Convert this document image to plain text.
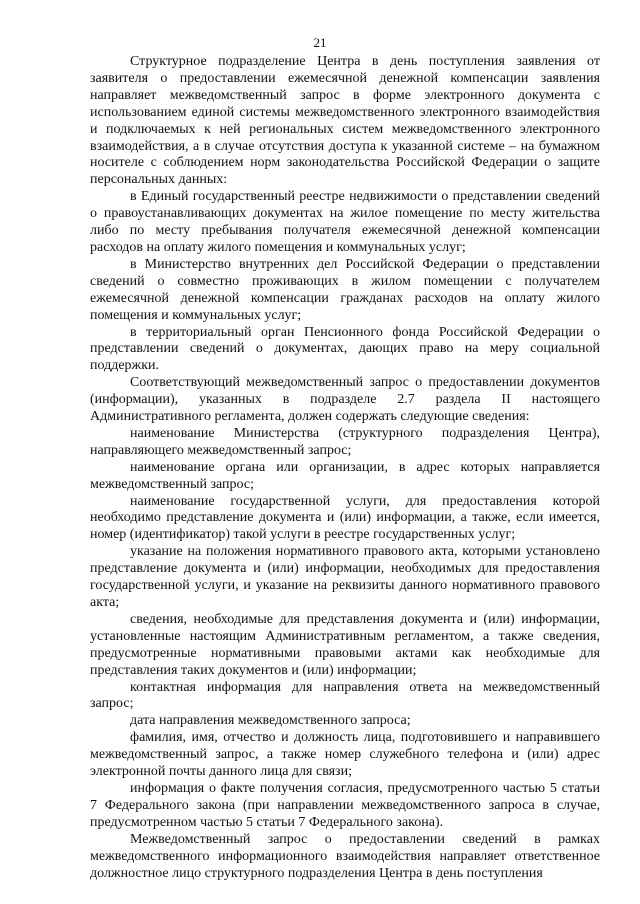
21

Структурное подразделение Центра в день поступления заявления от заявителя о предоставлении ежемесячной денежной компенсации заявления направляет межведомственный запрос в форме электронного документа с использованием единой системы межведомственного электронного взаимодействия и подключаемых к ней региональных систем межведомственного электронного взаимодействия, а в случае отсутствия доступа к указанной системе – на бумажном носителе с соблюдением норм законодательства Российской Федерации о защите персональных данных:

в Единый государственный реестре недвижимости о представлении сведений о правоустанавливающих документах на жилое помещение по месту жительства либо по месту пребывания получателя ежемесячной денежной компенсации расходов на оплату жилого помещения и коммунальных услуг;

в Министерство внутренних дел Российской Федерации о представлении сведений о совместно проживающих в жилом помещении с получателем ежемесячной денежной компенсации гражданах расходов на оплату жилого помещения и коммунальных услуг;

в территориальный орган Пенсионного фонда Российской Федерации о представлении сведений о документах, дающих право на меру социальной поддержки.

Соответствующий межведомственный запрос о предоставлении документов (информации), указанных в подразделе 2.7 раздела II настоящего Административного регламента, должен содержать следующие сведения:

наименование Министерства (структурного подразделения Центра), направляющего межведомственный запрос;

наименование органа или организации, в адрес которых направляется межведомственный запрос;

наименование государственной услуги, для предоставления которой необходимо представление документа и (или) информации, а также, если имеется, номер (идентификатор) такой услуги в реестре государственных услуг;

указание на положения нормативного правового акта, которыми установлено представление документа и (или) информации, необходимых для предоставления государственной услуги, и указание на реквизиты данного нормативного правового акта;

сведения, необходимые для представления документа и (или) информации, установленные настоящим Административным регламентом, а также сведения, предусмотренные нормативными правовыми актами как необходимые для представления таких документов и (или) информации;

контактная информация для направления ответа на межведомственный запрос;

дата направления межведомственного запроса;

фамилия, имя, отчество и должность лица, подготовившего и направившего межведомственный запрос, а также номер служебного телефона и (или) адрес электронной почты данного лица для связи;

информация о факте получения согласия, предусмотренного частью 5 статьи 7 Федерального закона (при направлении межведомственного запроса в случае, предусмотренном частью 5 статьи 7 Федерального закона).

Межведомственный запрос о предоставлении сведений в рамках межведомственного информационного взаимодействия направляет ответственное должностное лицо структурного подразделения Центра в день поступления
